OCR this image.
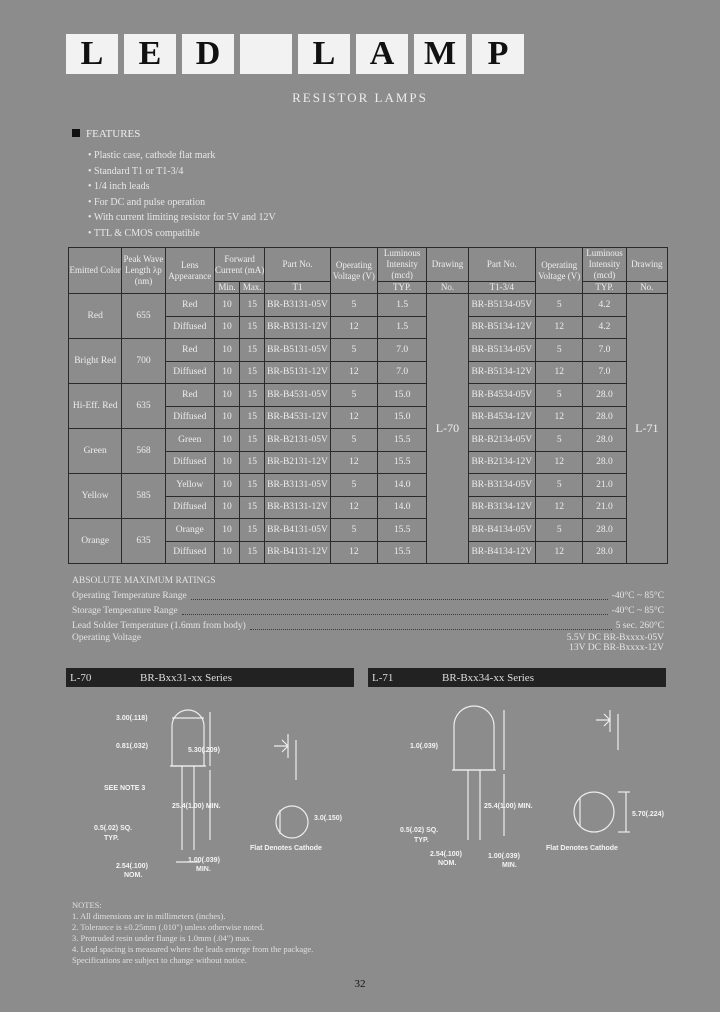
L	E	D	L	A M P
RESISTOR LAMPS
FEATURES
• Plastic case, cathode flat mark
• Standard T1 or T1-3/4
• 1/4 inch leads
• For DC and pulse operation
• With current limiting resistor for 5V and 12V
• TTL & CMOS compatible
Emitted Color	Peak Wave Length λp (nm)	Lens Appearance	Forward Current (mA)		Part No.	Operating Voltage (V)	Luminous Intensity (mcd)	Drawing	Part No.	Operating Voltage (V)	Luminous Intensity (mcd)	Drawing
			Min.	Max.			TYP.	No.			TYP.	No.
					T1				T1-3/4			
Red	655	Red	10	15	BR-B3131-05V	5	1.5	L-70	BR-B5134-05V	5	4.2	L-71
		Diffused	10	15	BR-B3131-12V	12	1.5		BR-B5134-12V	12	4.2	
Bright Red	700	Red	10	15	BR-B5131-05V	5	7.0		BR-B5134-05V	5	7.0	
		Diffused	10	15	BR-B5131-12V	12	7.0		BR-B5134-12V	12	7.0	
Hi-Eff. Red	635	Red	10	15	BR-B4531-05V	5	15.0		BR-B4534-05V	5	28.0	
		Diffused	10	15	BR-B4531-12V	12	15.0		BR-B4534-12V	12	28.0	
Green	568	Green	10	15	BR-B2131-05V	5	15.5		BR-B2134-05V	5	28.0	
		Diffused	10	15	BR-B2131-12V	12	15.5		BR-B2134-12V	12	28.0	
Yellow	585	Yellow	10	15	BR-B3131-05V	5	14.0		BR-B3134-05V	5	21.0	
		Diffused	10	15	BR-B3131-12V	12	14.0		BR-B3134-12V	12	21.0	
Orange	635	Orange	10	15	BR-B4131-05V	5	15.5		BR-B4134-05V	5	28.0	
		Diffused	10	15	BR-B4131-12V	12	15.5		BR-B4134-12V	12	28.0	
ABSOLUTE MAXIMUM RATINGS
Operating Temperature Range	-40°C ~ 85°C
Storage Temperature Range	-40°C ~ 85°C
Lead Solder Temperature (1.6mm from body)	5 sec. 260°C
Operating Voltage	5.5V DC BR-Bxxxx-05V
13V DC BR-Bxxxx-12V
L-70	BR-Bxx31-xx Series	L-71	BR-Bxx34-xx Series
3.00(.118)
0.81(.032)
5.30(.209)
SEE NOTE 3
25.4(1.00) MIN.
0.5(.02) SQ.
TYP.
2.54(.100)
NOM.
1.00(.039)
MIN.
3.0(.150)
Flat Denotes Cathode
1.0(.039)
25.4(1.00) MIN.
0.5(.02) SQ.
TYP.
2.54(.100)
NOM.
1.00(.039)
MIN.
5.70(.224)
Flat Denotes Cathode
NOTES:
1. All dimensions are in millimeters (inches).
2. Tolerance is ±0.25mm (.010") unless otherwise noted.
3. Protruded resin under flange is 1.0mm (.04") max.
4. Lead spacing is measured where the leads emerge from the package.
Specifications are subject to change without notice.
32
